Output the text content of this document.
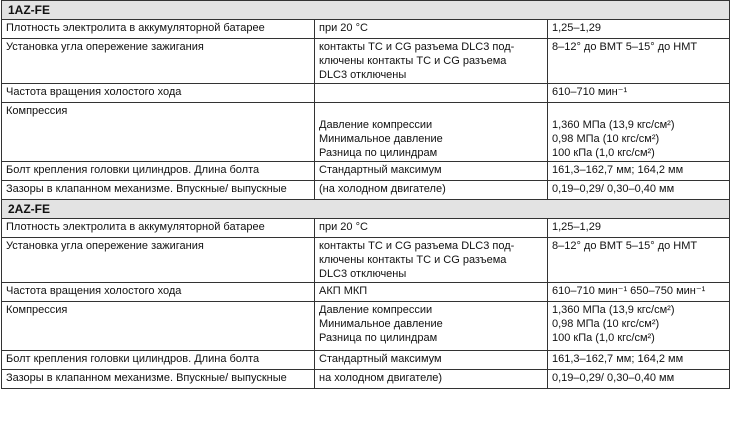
1AZ-FE		

Плотность электролита в аккумуляторной батарее	при 20 °С	1,25–1,29

Установка угла опережение зажигания	контакты ТС и CG разъема DLC3 под-
ключены контакты ТС и CG разъема
DLC3 отключены	8–12° до ВМТ 5–15° до НМТ

Частота вращения холостого хода		610–710 мин⁻¹

Компрессия	Давление компрессии
Минимальное давление
Разница по цилиндрам	1,360 МПа (13,9 кгс/см²)
0,98 МПа (10 кгс/см²)
100 кПа (1,0 кгс/см²)

Болт крепления головки цилиндров. Длина болта	Стандартный максимум	161,3–162,7 мм; 164,2 мм

Зазоры в клапанном механизме. Впускные/ выпускные	(на холодном двигателе)	0,19–0,29/ 0,30–0,40 мм

2AZ-FE		

Плотность электролита в аккумуляторной батарее	при 20 °С	1,25–1,29

Установка угла опережение зажигания	контакты ТС и CG разъема DLC3 под-
ключены контакты ТС и CG разъема
DLC3 отключены	8–12° до ВМТ 5–15° до НМТ

Частота вращения холостого хода	АКП МКП	610–710 мин⁻¹ 650–750 мин⁻¹

Компрессия	Давление компрессии
Минимальное давление
Разница по цилиндрам	1,360 МПа (13,9 кгс/см²)
0,98 МПа (10 кгс/см²)
100 кПа (1,0 кгс/см²)

Болт крепления головки цилиндров. Длина болта	Стандартный максимум	161,3–162,7 мм; 164,2 мм

Зазоры в клапанном механизме. Впускные/ выпускные	на холодном двигателе)	0,19–0,29/ 0,30–0,40 мм
